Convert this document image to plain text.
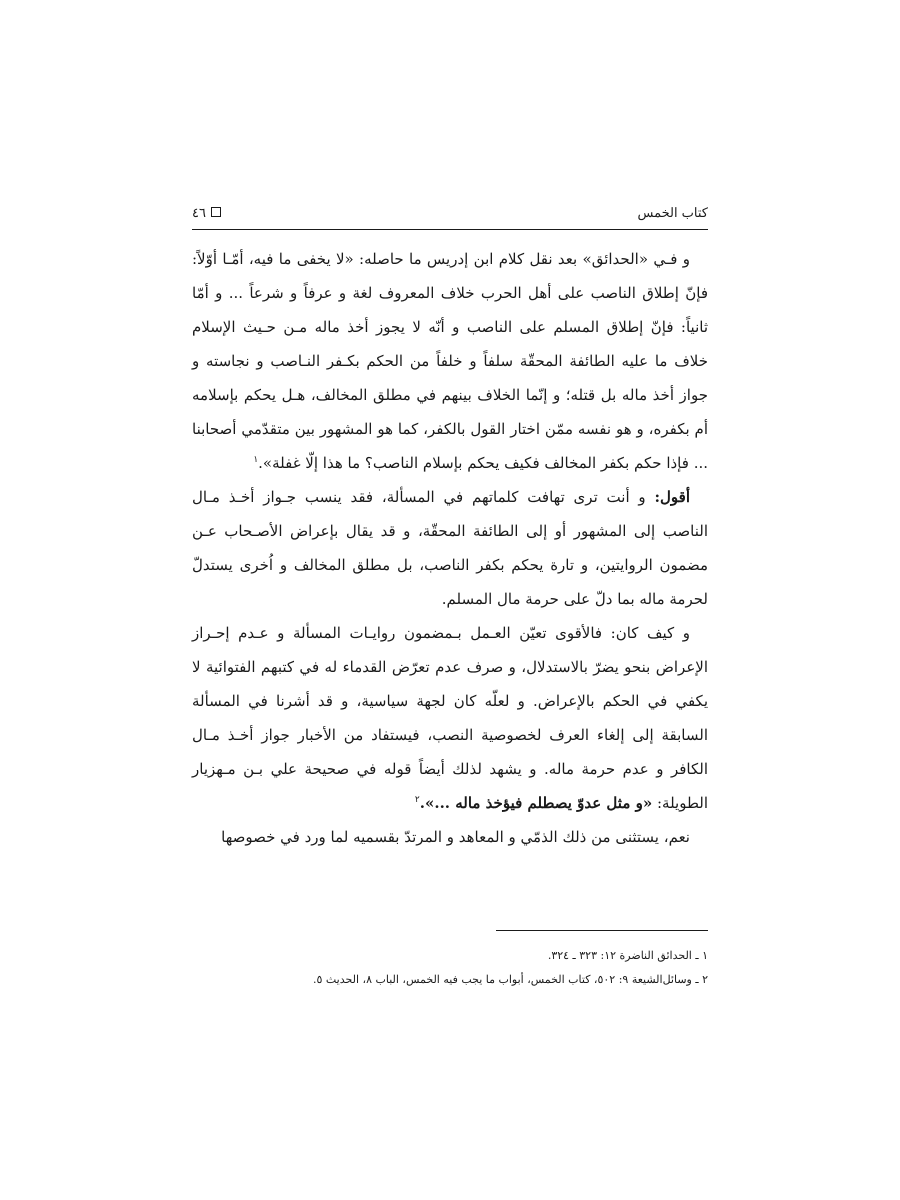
كتاب الخمس
٤٦

و فـي «الحدائق» بعد نقل كلام ابن إدريس ما حاصله: «لا يخفى ما فيه، أمّـا أوّلاً: فإنّ إطلاق الناصب على أهل الحرب خلاف المعروف لغة و عرفاً و شرعاً ... و أمّا ثانياً: فإنّ إطلاق المسلم على الناصب و أنّه لا يجوز أخذ ماله مـن حـيث الإسلام خلاف ما عليه الطائفة المحقّة سلفاً و خلفاً من الحكم بكـفر النـاصب و نجاسته و جواز أخذ ماله بل قتله؛ و إنّما الخلاف بينهم في مطلق المخالف، هـل يحكم بإسلامه أم بكفره، و هو نفسه ممّن اختار القول بالكفر، كما هو المشهور بين متقدّمي أصحابنا ... فإذا حكم بكفر المخالف فكيف يحكم بإسلام الناصب؟ ما هذا إلّا غفلة».$^١$

أقول: و أنت ترى تهافت كلماتهم في المسألة، فقد ينسب جـواز أخـذ مـال الناصب إلى المشهور أو إلى الطائفة المحقّة، و قد يقال بإعراض الأصـحاب عـن مضمون الروايتين، و تارة يحكم بكفر الناصب، بل مطلق المخالف و اُخرى يستدلّ لحرمة ماله بما دلّ على حرمة مال المسلم.

و كيف كان: فالأقوى تعيّن العـمل بـمضمون روايـات المسألة و عـدم إحـراز الإعراض بنحو يضرّ بالاستدلال، و صرف عدم تعرّض القدماء له في كتبهم الفتوائية لا يكفي في الحكم بالإعراض. و لعلّه كان لجهة سياسية، و قد أشرنا في المسألة السابقة إلى إلغاء العرف لخصوصية النصب، فيستفاد من الأخبار جواز أخـذ مـال الكافر و عدم حرمة ماله. و يشهد لذلك أيضاً قوله في صحيحة علي بـن مـهزيار الطويلة: «و مثل عدوّ يصطلم فيؤخذ ماله ...».$^٢$

نعم، يستثنى من ذلك الذمّي و المعاهد و المرتدّ بقسميه لما ورد في خصوصها

١ ـ الحدائق الناضرة ١٢: ٣٢٣ ـ ٣٢٤.
٢ ـ وسائل‌الشيعة ٩: ٥٠٢، كتاب الخمس، أبواب ما يجب فيه الخمس، الباب ٨، الحديث ٥.
